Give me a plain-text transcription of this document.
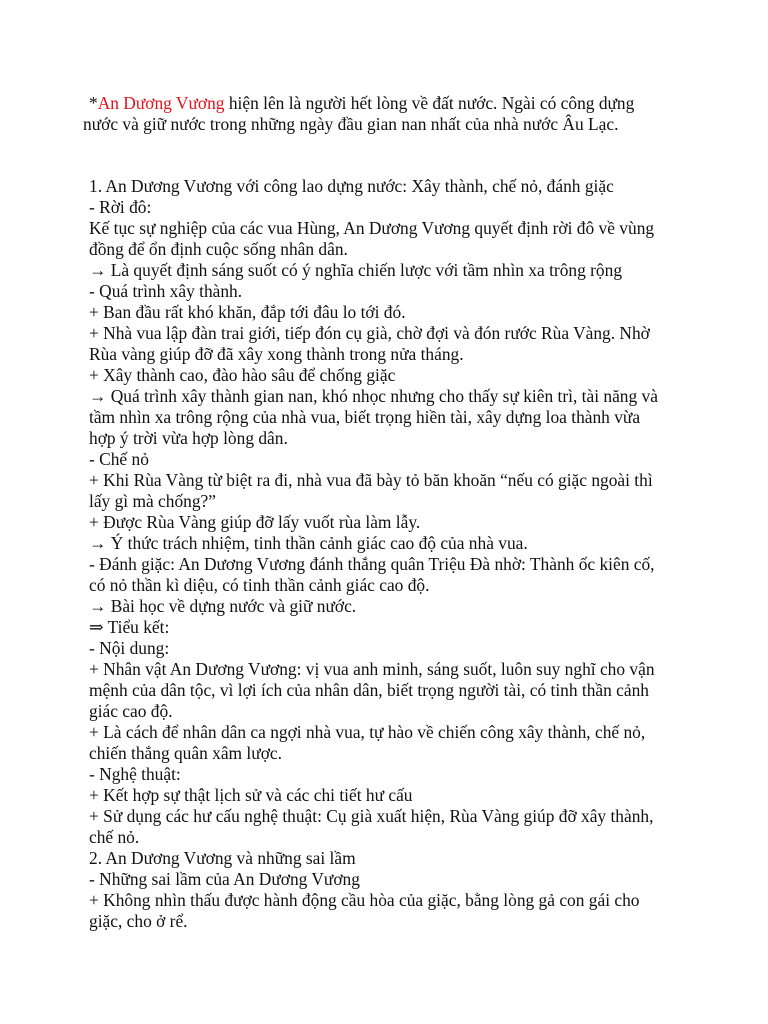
*An Dương Vương hiện lên là người hết lòng về đất nước. Ngài có công dựng

nước và giữ nước trong những ngày đầu gian nan nhất của nhà nước Âu Lạc.

1. An Dương Vương với công lao dựng nước: Xây thành, chế nỏ, đánh giặc

- Rời đô:

Kế tục sự nghiệp của các vua Hùng, An Dương Vương quyết định rời đô về vùng

đồng để ổn định cuộc sống nhân dân.

→ Là quyết định sáng suốt có ý nghĩa chiến lược với tầm nhìn xa trông rộng

- Quá trình xây thành.

+ Ban đầu rất khó khăn, đắp tới đâu lo tới đó.

+ Nhà vua lập đàn trai giới, tiếp đón cụ già, chờ đợi và đón rước Rùa Vàng. Nhờ

Rùa vàng giúp đỡ đã xây xong thành trong nửa tháng.

+ Xây thành cao, đào hào sâu để chống giặc

→ Quá trình xây thành gian nan, khó nhọc nhưng cho thấy sự kiên trì, tài năng và

tầm nhìn xa trông rộng của nhà vua, biết trọng hiền tài, xây dựng loa thành vừa

hợp ý trời vừa hợp lòng dân.

- Chế nỏ

+ Khi Rùa Vàng từ biệt ra đi, nhà vua đã bày tỏ băn khoăn “nếu có giặc ngoài thì

lấy gì mà chống?”

+ Được Rùa Vàng giúp đỡ lấy vuốt rùa làm lẫy.

→ Ý thức trách nhiệm, tinh thần cảnh giác cao độ của nhà vua.

- Đánh giặc: An Dương Vương đánh thắng quân Triệu Đà nhờ: Thành ốc kiên cố,

có nỏ thần kì diệu, có tinh thần cảnh giác cao độ.

→ Bài học về dựng nước và giữ nước.

⇒ Tiểu kết:

- Nội dung:

+ Nhân vật An Dương Vương: vị vua anh minh, sáng suốt, luôn suy nghĩ cho vận

mệnh của dân tộc, vì lợi ích của nhân dân, biết trọng người tài, có tinh thần cảnh

giác cao độ.

+ Là cách để nhân dân ca ngợi nhà vua, tự hào về chiến công xây thành, chế nỏ,

chiến thắng quân xâm lược.

- Nghệ thuật:

+ Kết hợp sự thật lịch sử và các chi tiết hư cấu

+ Sử dụng các hư cấu nghệ thuật: Cụ già xuất hiện, Rùa Vàng giúp đỡ xây thành,

chế nỏ.

2. An Dương Vương và những sai lầm

- Những sai lầm của An Dương Vương

+ Không nhìn thấu được hành động cầu hòa của giặc, bằng lòng gả con gái cho

giặc, cho ở rể.
